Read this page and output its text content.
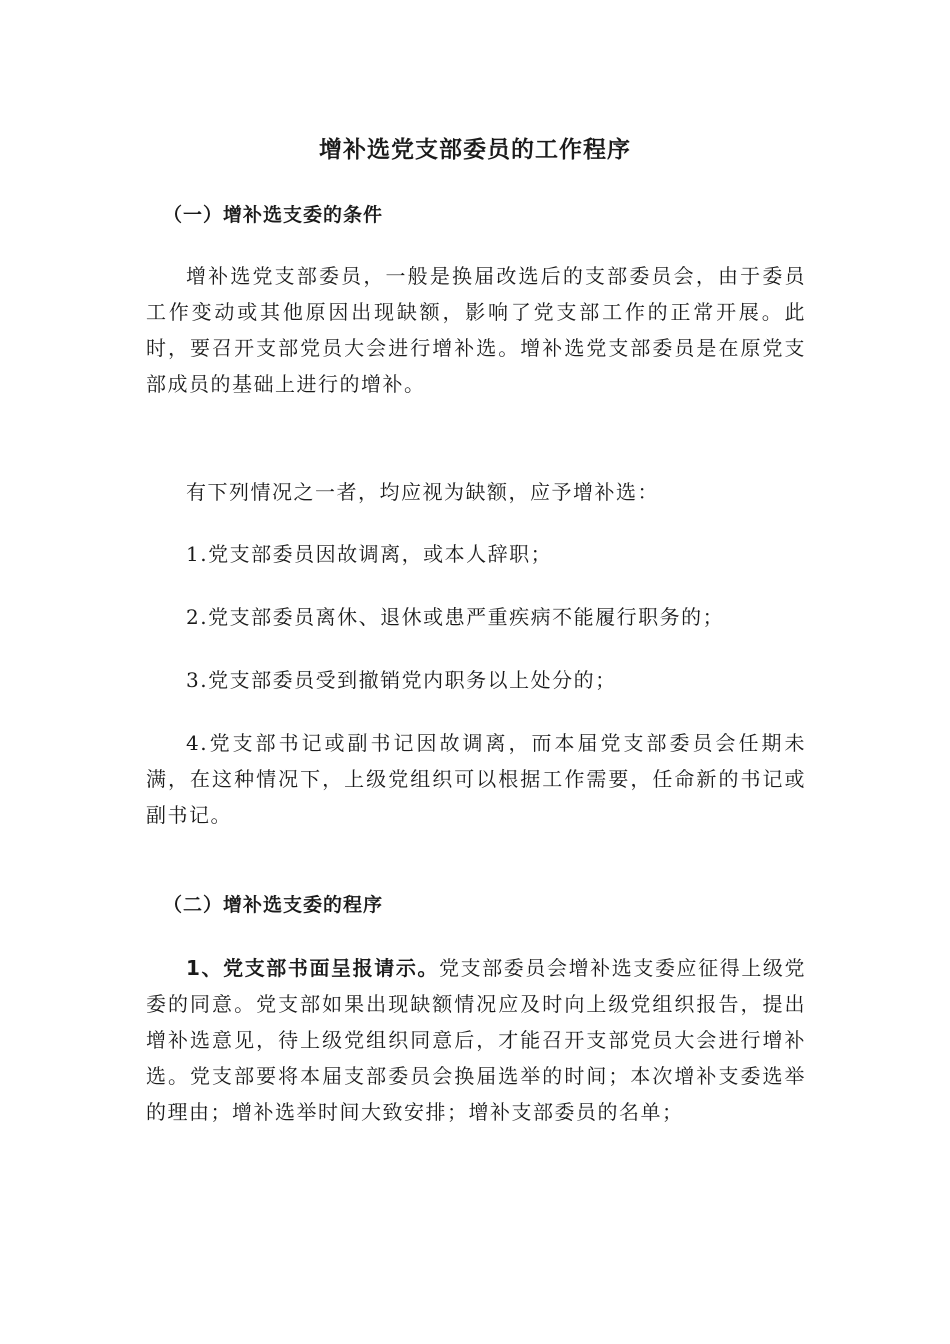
增补选党支部委员的工作程序
（一）增补选支委的条件
增补选党支部委员，一般是换届改选后的支部委员会，由于委员工作变动或其他原因出现缺额，影响了党支部工作的正常开展。此时，要召开支部党员大会进行增补选。增补选党支部委员是在原党支部成员的基础上进行的增补。
有下列情况之一者，均应视为缺额，应予增补选：
1.党支部委员因故调离，或本人辞职；
2.党支部委员离休、退休或患严重疾病不能履行职务的；
3.党支部委员受到撤销党内职务以上处分的；
4.党支部书记或副书记因故调离，而本届党支部委员会任期未满，在这种情况下，上级党组织可以根据工作需要，任命新的书记或副书记。
（二）增补选支委的程序
1、党支部书面呈报请示。党支部委员会增补选支委应征得上级党委的同意。党支部如果出现缺额情况应及时向上级党组织报告，提出增补选意见，待上级党组织同意后，才能召开支部党员大会进行增补选。党支部要将本届支部委员会换届选举的时间；本次增补支委选举的理由；增补选举时间大致安排；增补支部委员的名单；
